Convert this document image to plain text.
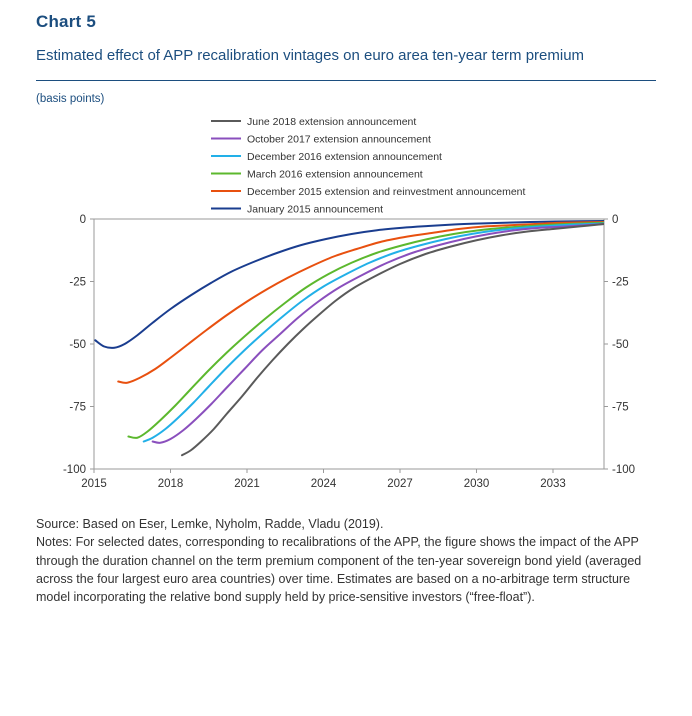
Chart 5
Estimated effect of APP recalibration vintages on euro area ten-year term premium
(basis points)
0	0
-25	-25
-50	-50
-75	-75
-100	-100
2015	2018	2021	2024	2027	2030	2033
June 2018 extension announcement
October 2017 extension announcement
December 2016 extension announcement
March 2016 extension announcement
December 2015 extension and reinvestment announcement
January 2015 announcement

Source: Based on Eser, Lemke, Nyholm, Radde, Vladu (2019).

Notes: For selected dates, corresponding to recalibrations of the APP, the figure shows the impact of the APP through the duration channel on the term premium component of the ten-year sovereign bond yield (averaged across the four largest euro area countries) over time. Estimates are based on a no-arbitrage term structure model incorporating the relative bond supply held by price-sensitive investors (“free-float”).
